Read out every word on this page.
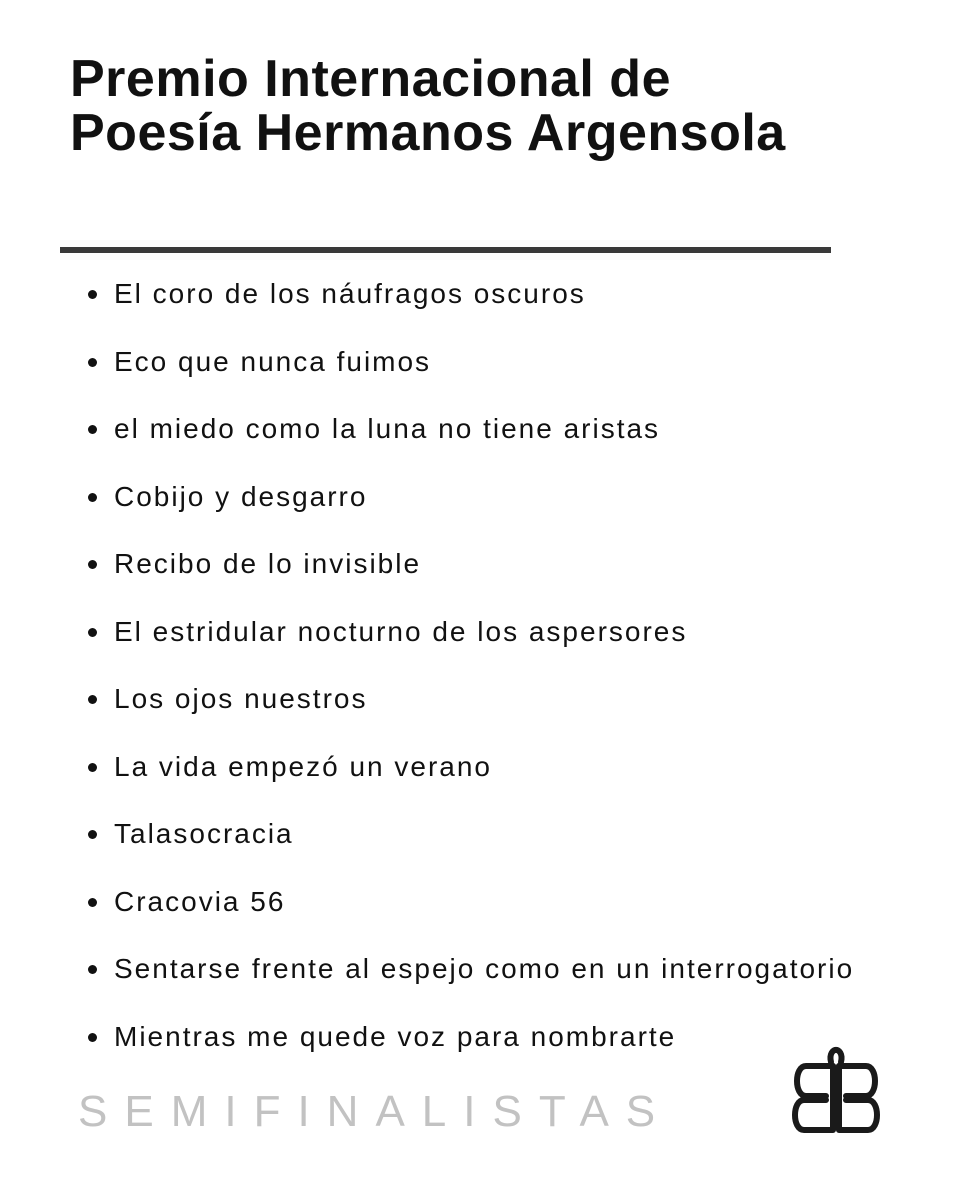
Premio Internacional de Poesía Hermanos Argensola
El coro de los náufragos oscuros
Eco que nunca fuimos
el miedo como la luna no tiene aristas
Cobijo y desgarro
Recibo de lo invisible
El estridular nocturno de los aspersores
Los ojos nuestros
La vida empezó un verano
Talasocracia
Cracovia 56
Sentarse frente al espejo como en un interrogatorio
Mientras me quede voz para nombrarte
SEMIFINALISTAS
